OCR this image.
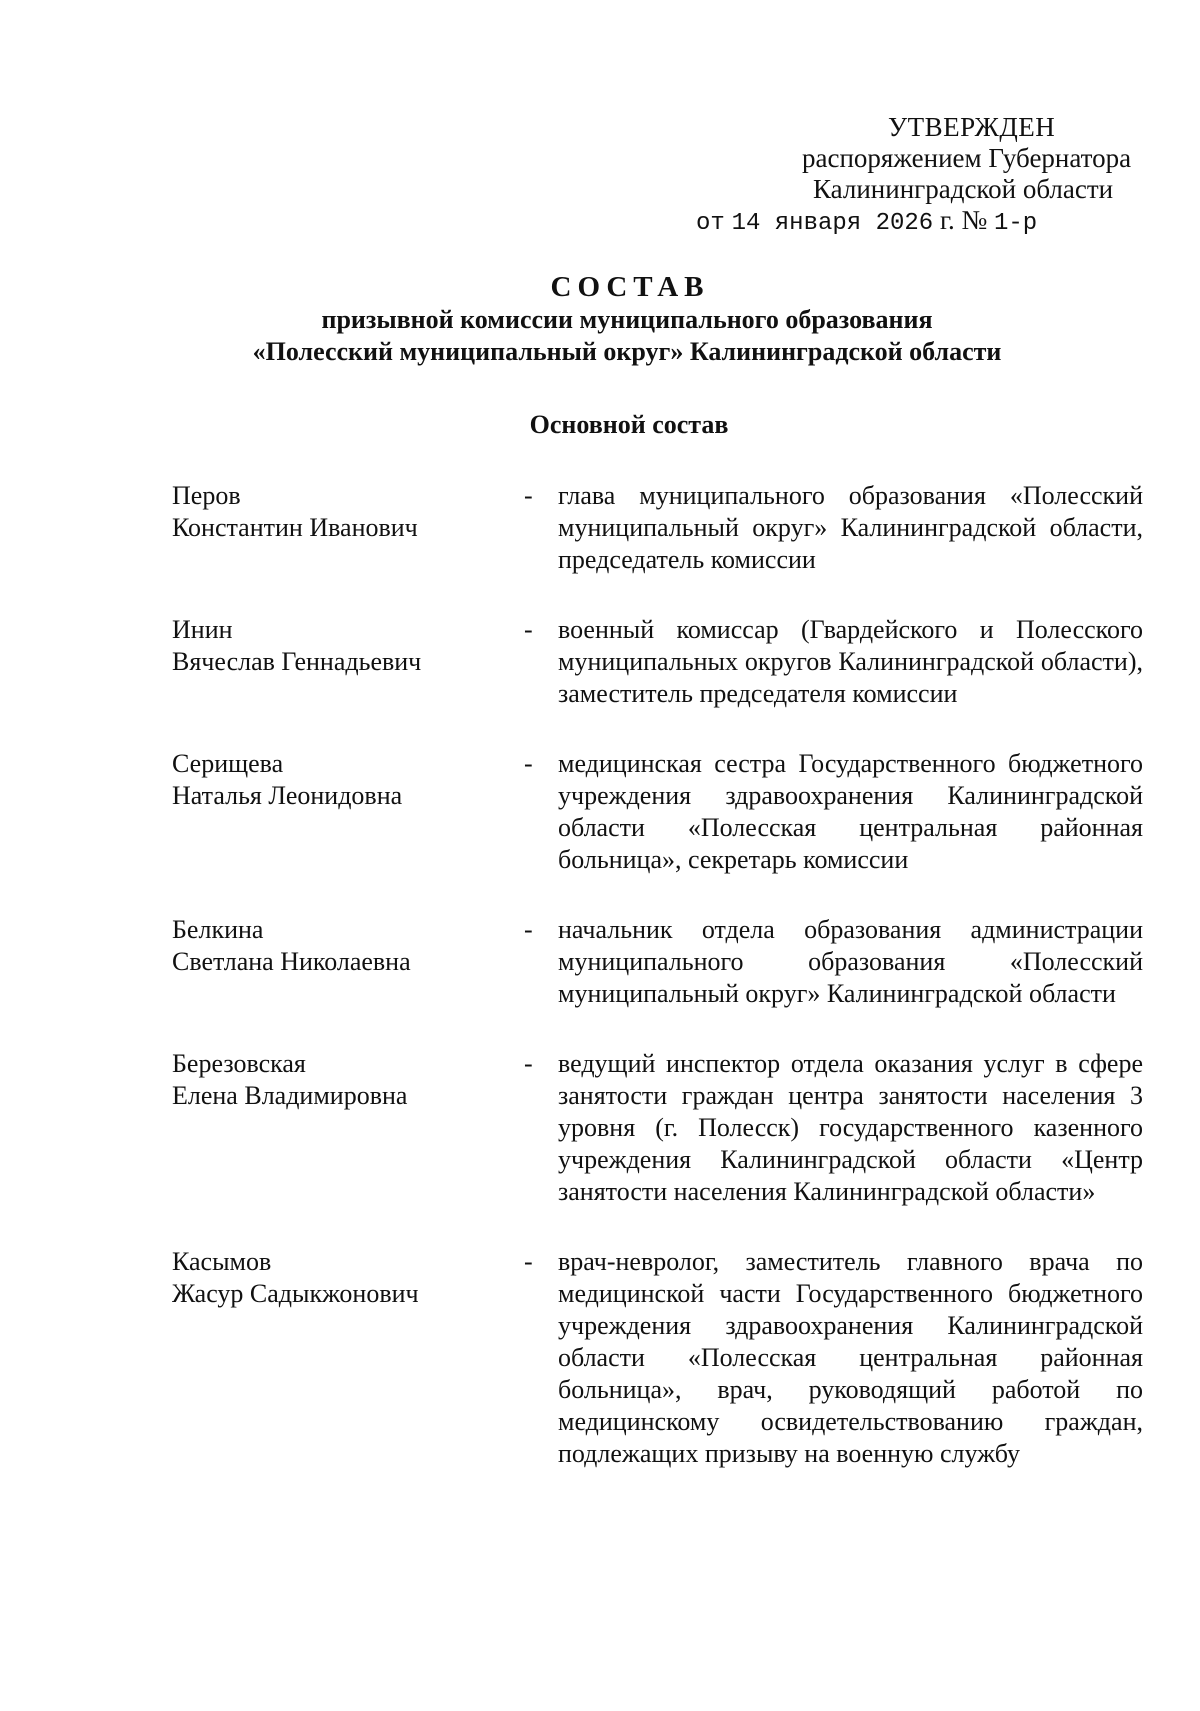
УТВЕРЖДЕН
распоряжением Губернатора
Калининградской области
от 14 января 2026 г. № 1-р
СОСТАВ
призывной комиссии муниципального образования
«Полесский муниципальный округ» Калининградской области
Основной состав
Перов
Константин Иванович
- глава муниципального образования «Полесский муниципальный округ» Калининградской области, председатель комиссии
Инин
Вячеслав Геннадьевич
- военный комиссар (Гвардейского и Полесского муниципальных округов Калининградской области), заместитель председателя комиссии
Серищева
Наталья Леонидовна
- медицинская сестра Государственного бюджетного учреждения здравоохранения Калининградской области «Полесская центральная районная больница», секретарь комиссии
Белкина
Светлана Николаевна
- начальник отдела образования администрации муниципального образования «Полесский муниципальный округ» Калининградской области
Березовская
Елена Владимировна
- ведущий инспектор отдела оказания услуг в сфере занятости граждан центра занятости населения 3 уровня (г. Полесск) государственного казенного учреждения Калининградской области «Центр занятости населения Калининградской области»
Касымов
Жасур Садыкжонович
- врач-невролог, заместитель главного врача по медицинской части Государственного бюджетного учреждения здравоохранения Калининградской области «Полесская центральная районная больница», врач, руководящий работой по медицинскому освидетельствованию граждан, подлежащих призыву на военную службу
